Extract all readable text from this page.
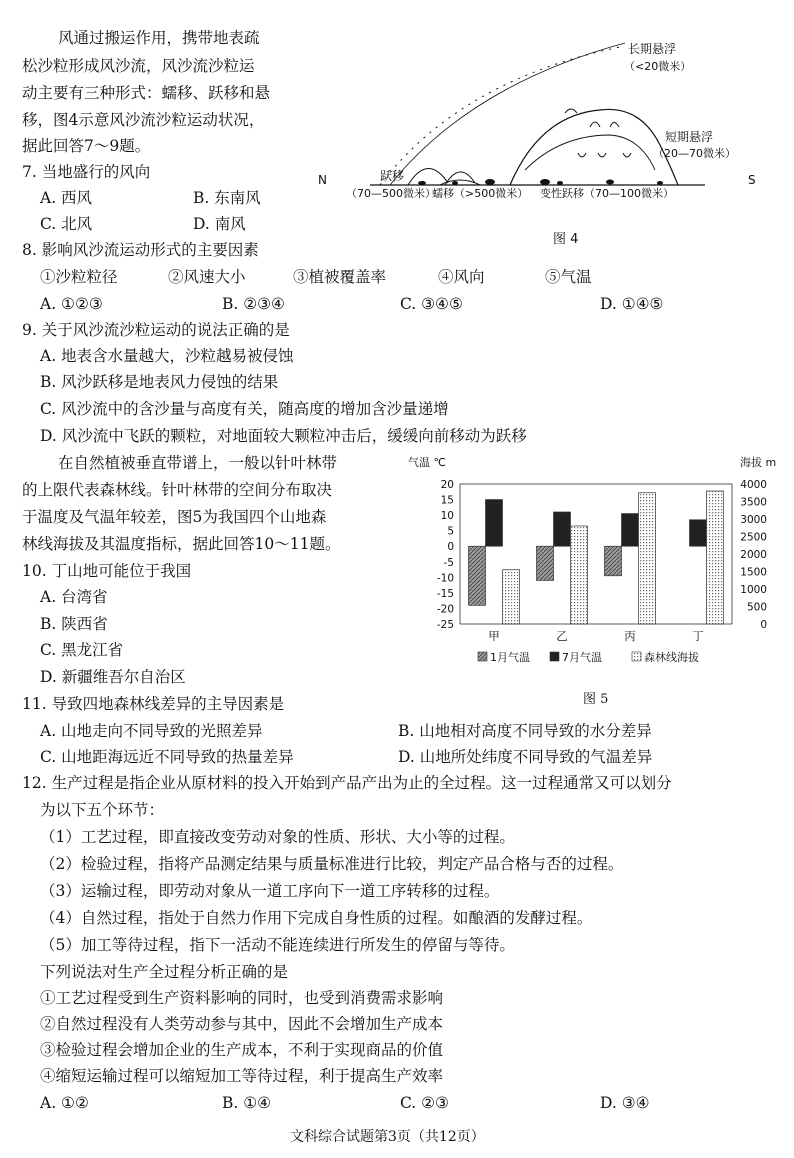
风通过搬运作用，携带地表疏
松沙粒形成风沙流，风沙流沙粒运
动主要有三种形式：蠕移、跃移和悬
移，图4示意风沙流沙粒运动状况，
据此回答7～9题。
N	S
长期悬浮
（<20微米）
短期悬浮
（20—70微米）
跃移
（70—500微米）
蠕移（>500微米） 变性跃移（70—100微米）
图 4
7. 当地盛行的风向
A. 西风	B. 东南风
C. 北风	D. 南风
8. 影响风沙流运动形式的主要因素
①沙粒粒径	②风速大小	③植被覆盖率	④风向	⑤气温
A. ①②③	B. ②③④	C. ③④⑤	D. ①④⑤
9. 关于风沙流沙粒运动的说法正确的是
A. 地表含水量越大，沙粒越易被侵蚀
B. 风沙跃移是地表风力侵蚀的结果
C. 风沙流中的含沙量与高度有关，随高度的增加含沙量递增
D. 风沙流中飞跃的颗粒，对地面较大颗粒冲击后，缓缓向前移动为跃移
在自然植被垂直带谱上，一般以针叶林带
的上限代表森林线。针叶林带的空间分布取决
于温度及气温年较差，图5为我国四个山地森
林线海拔及其温度指标，据此回答10～11题。
10. 丁山地可能位于我国
A. 台湾省
B. 陕西省
C. 黑龙江省
D. 新疆维吾尔自治区
气温 ℃	海拔 m
20
15
10
5
0
-5
-10
-15
-20
-25
4000
3500
3000
2500
2000
1500
1000
500
0
甲	乙	丙	丁
1月气温	7月气温	森林线海拔
图 5
11. 导致四地森林线差异的主导因素是
A. 山地走向不同导致的光照差异	B. 山地相对高度不同导致的水分差异
C. 山地距海远近不同导致的热量差异	D. 山地所处纬度不同导致的气温差异
12. 生产过程是指企业从原材料的投入开始到产品产出为止的全过程。这一过程通常又可以划分
为以下五个环节：
（1）工艺过程，即直接改变劳动对象的性质、形状、大小等的过程。
（2）检验过程，指将产品测定结果与质量标准进行比较，判定产品合格与否的过程。
（3）运输过程，即劳动对象从一道工序向下一道工序转移的过程。
（4）自然过程，指处于自然力作用下完成自身性质的过程。如酿酒的发酵过程。
（5）加工等待过程，指下一活动不能连续进行所发生的停留与等待。
下列说法对生产全过程分析正确的是
①工艺过程受到生产资料影响的同时，也受到消费需求影响
②自然过程没有人类劳动参与其中，因此不会增加生产成本
③检验过程会增加企业的生产成本，不利于实现商品的价值
④缩短运输过程可以缩短加工等待过程，利于提高生产效率
A. ①②	B. ①④	C. ②③	D. ③④
文科综合试题第3页（共12页）
